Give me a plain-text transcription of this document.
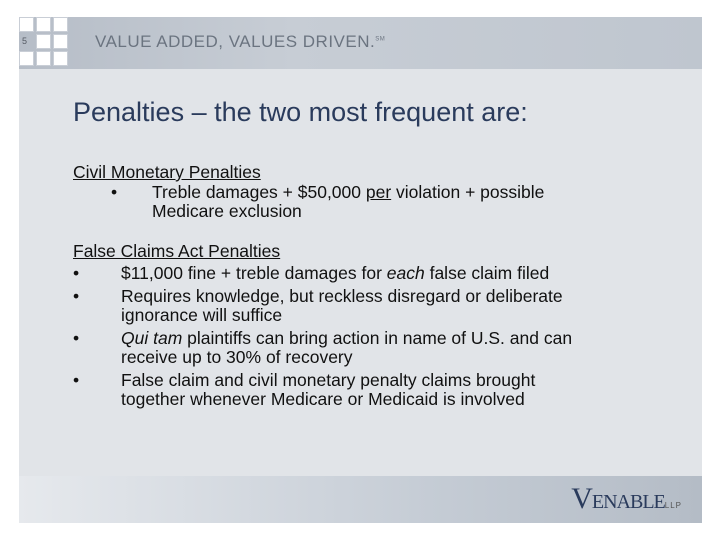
5	VALUE ADDED, VALUES DRIVEN.℠
Penalties – the two most frequent are:
Civil Monetary Penalties
• Treble damages + $50,000 per violation + possible
Medicare exclusion
False Claims Act Penalties
• $11,000 fine + treble damages for each false claim filed
• Requires knowledge, but reckless disregard or deliberate
ignorance will suffice
• Qui tam plaintiffs can bring action in name of U.S. and can
receive up to 30% of recovery
• False claim and civil monetary penalty claims brought
together whenever Medicare or Medicaid is involved
VENABLELLP
